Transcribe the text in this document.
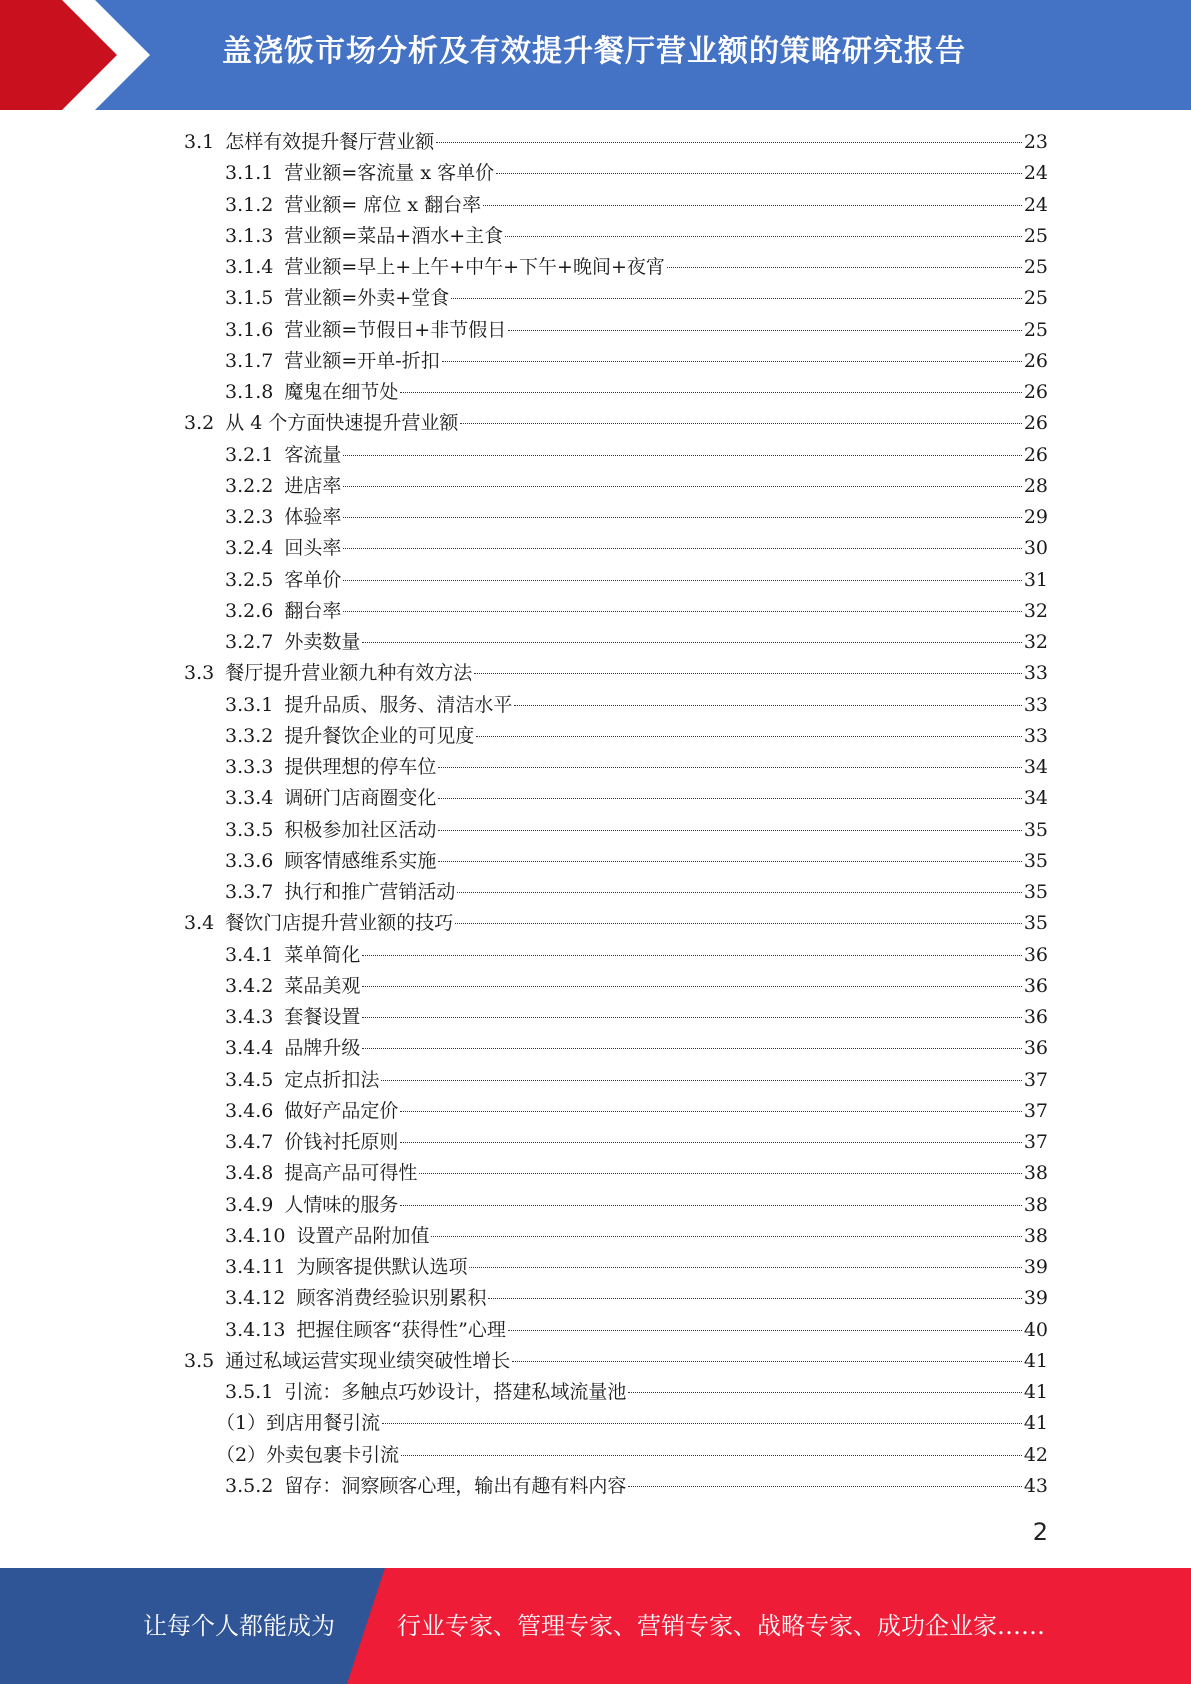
盖浇饭市场分析及有效提升餐厅营业额的策略研究报告
3.1 怎样有效提升餐厅营业额	23
3.1.1 营业额=客流量 x 客单价	24
3.1.2 营业额= 席位 x 翻台率	24
3.1.3 营业额=菜品+酒水+主食	25
3.1.4 营业额=早上+上午+中午+下午+晚间+夜宵	25
3.1.5 营业额=外卖+堂食	25
3.1.6 营业额=节假日+非节假日	25
3.1.7 营业额=开单-折扣	26
3.1.8 魔鬼在细节处	26
3.2 从 4 个方面快速提升营业额	26
3.2.1 客流量	26
3.2.2 进店率	28
3.2.3 体验率	29
3.2.4 回头率	30
3.2.5 客单价	31
3.2.6 翻台率	32
3.2.7 外卖数量	32
3.3 餐厅提升营业额九种有效方法	33
3.3.1 提升品质、服务、清洁水平	33
3.3.2 提升餐饮企业的可见度	33
3.3.3 提供理想的停车位	34
3.3.4 调研门店商圈变化	34
3.3.5 积极参加社区活动	35
3.3.6 顾客情感维系实施	35
3.3.7 执行和推广营销活动	35
3.4 餐饮门店提升营业额的技巧	35
3.4.1 菜单简化	36
3.4.2 菜品美观	36
3.4.3 套餐设置	36
3.4.4 品牌升级	36
3.4.5 定点折扣法	37
3.4.6 做好产品定价	37
3.4.7 价钱衬托原则	37
3.4.8 提高产品可得性	38
3.4.9 人情味的服务	38
3.4.10 设置产品附加值	38
3.4.11 为顾客提供默认选项	39
3.4.12 顾客消费经验识别累积	39
3.4.13 把握住顾客“获得性”心理	40
3.5 通过私域运营实现业绩突破性增长	41
3.5.1 引流：多触点巧妙设计，搭建私域流量池	41
（1） 到店用餐引流	41
（2） 外卖包裹卡引流	42
3.5.2 留存：洞察顾客心理，输出有趣有料内容	43
2
让每个人都能成为	行业专家、管理专家、营销专家、战略专家、成功企业家……
